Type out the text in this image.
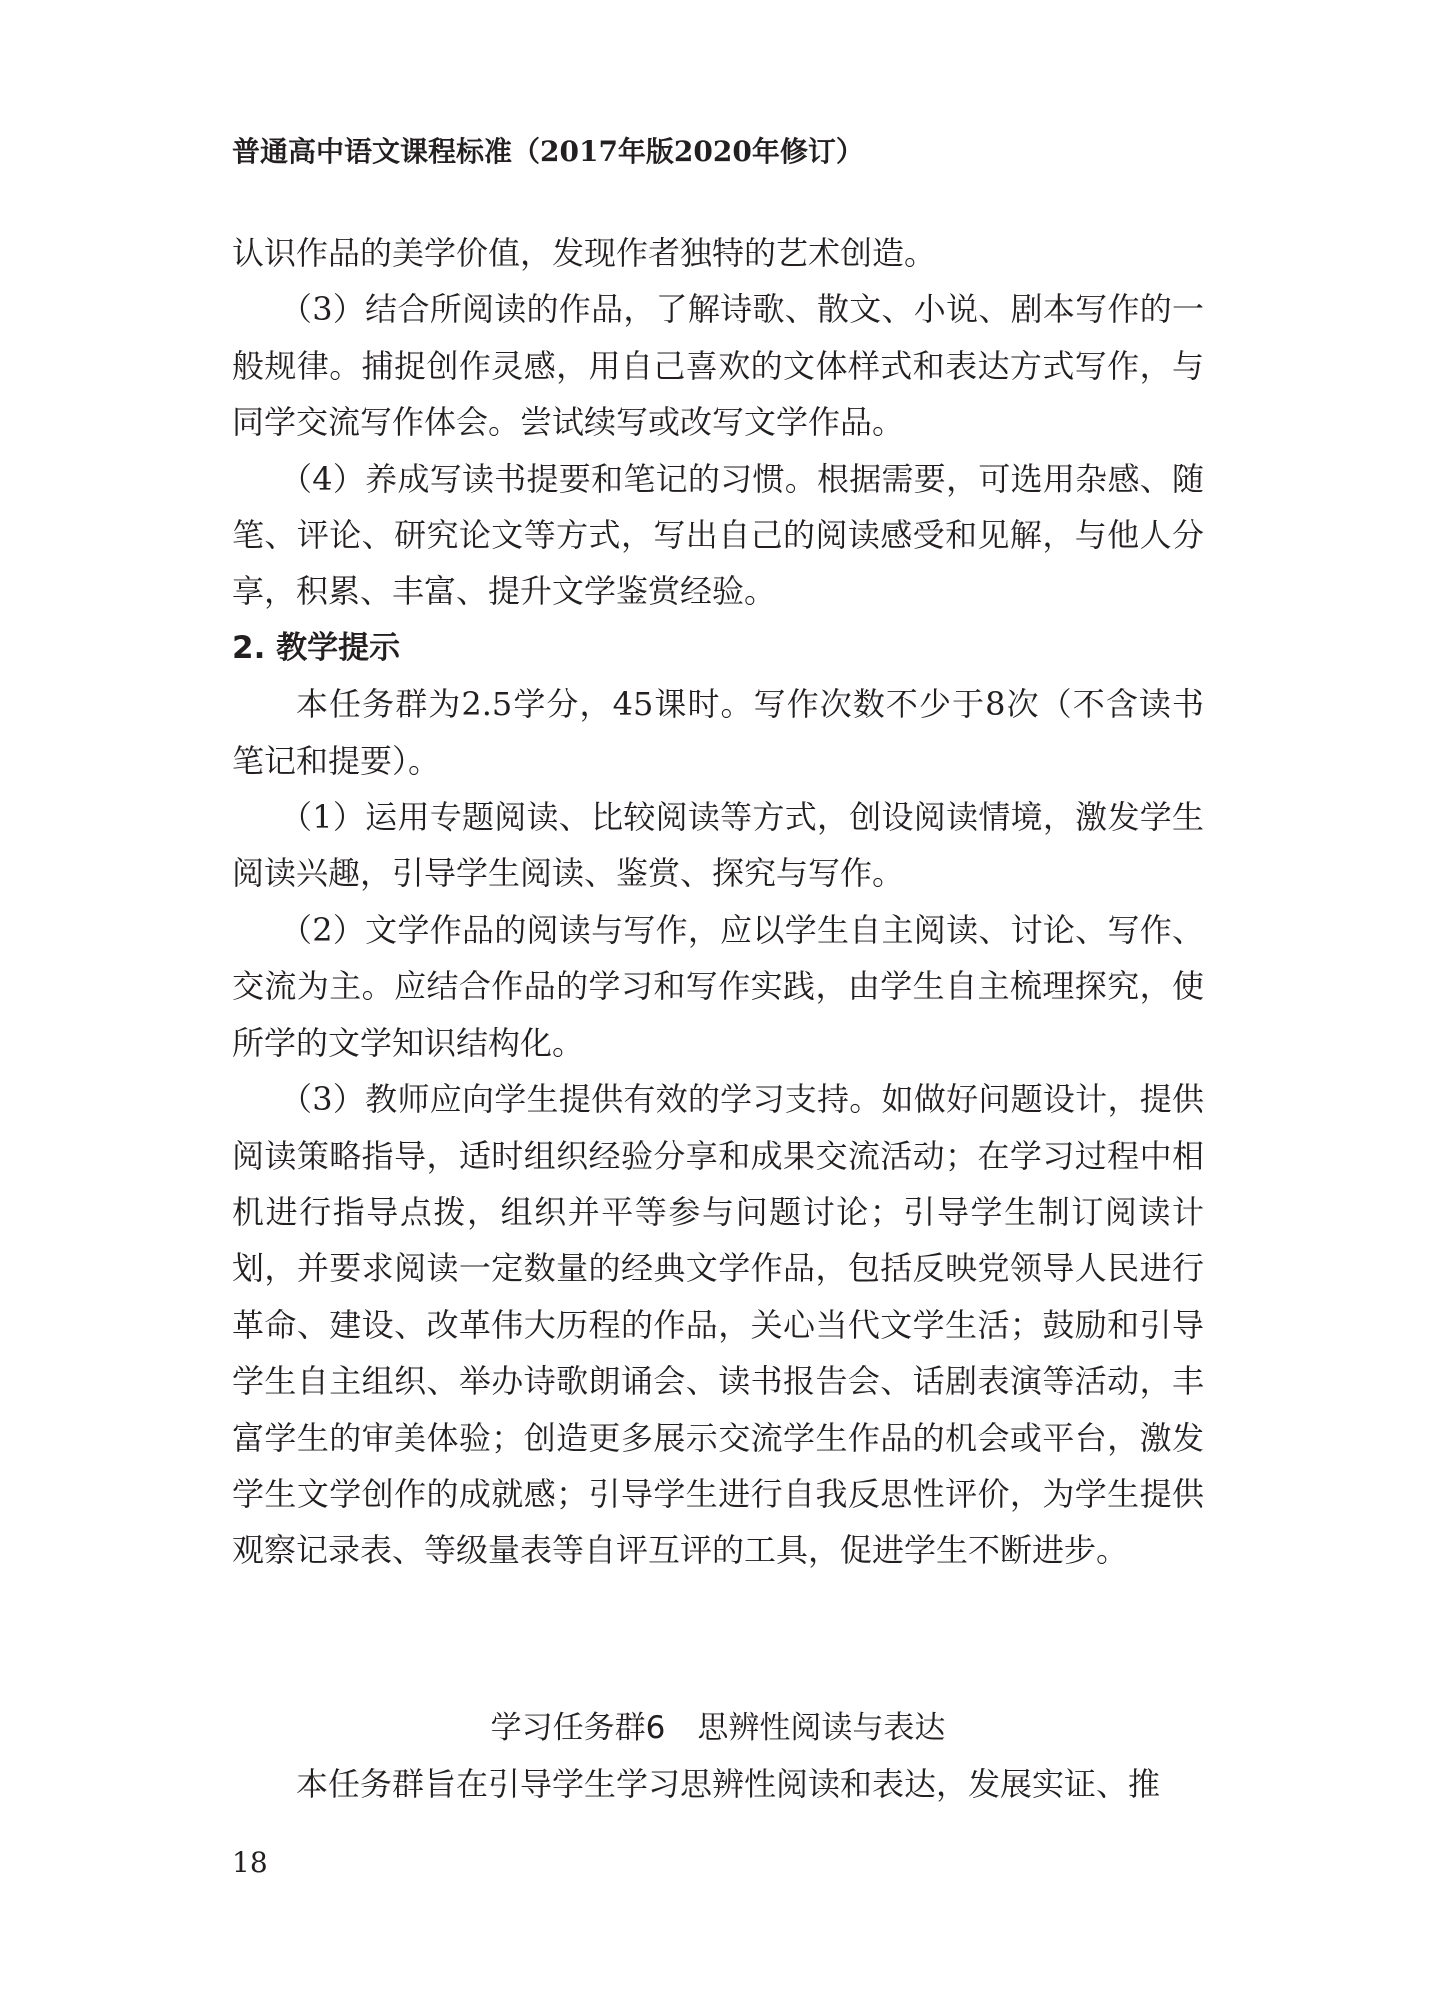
普通高中语文课程标准（2017年版2020年修订）

认识作品的美学价值，发现作者独特的艺术创造。

（3）结合所阅读的作品，了解诗歌、散文、小说、剧本写作的一般规律。捕捉创作灵感，用自己喜欢的文体样式和表达方式写作，与同学交流写作体会。尝试续写或改写文学作品。

（4）养成写读书提要和笔记的习惯。根据需要，可选用杂感、随笔、评论、研究论文等方式，写出自己的阅读感受和见解，与他人分享，积累、丰富、提升文学鉴赏经验。

2. 教学提示

本任务群为2.5学分，45课时。写作次数不少于8次（不含读书笔记和提要）。

（1）运用专题阅读、比较阅读等方式，创设阅读情境，激发学生阅读兴趣，引导学生阅读、鉴赏、探究与写作。

（2）文学作品的阅读与写作，应以学生自主阅读、讨论、写作、交流为主。应结合作品的学习和写作实践，由学生自主梳理探究，使所学的文学知识结构化。

（3）教师应向学生提供有效的学习支持。如做好问题设计，提供阅读策略指导，适时组织经验分享和成果交流活动；在学习过程中相机进行指导点拨，组织并平等参与问题讨论；引导学生制订阅读计划，并要求阅读一定数量的经典文学作品，包括反映党领导人民进行革命、建设、改革伟大历程的作品，关心当代文学生活；鼓励和引导学生自主组织、举办诗歌朗诵会、读书报告会、话剧表演等活动，丰富学生的审美体验；创造更多展示交流学生作品的机会或平台，激发学生文学创作的成就感；引导学生进行自我反思性评价，为学生提供观察记录表、等级量表等自评互评的工具，促进学生不断进步。

学习任务群6 思辨性阅读与表达
本任务群旨在引导学生学习思辨性阅读和表达，发展实证、推
18
